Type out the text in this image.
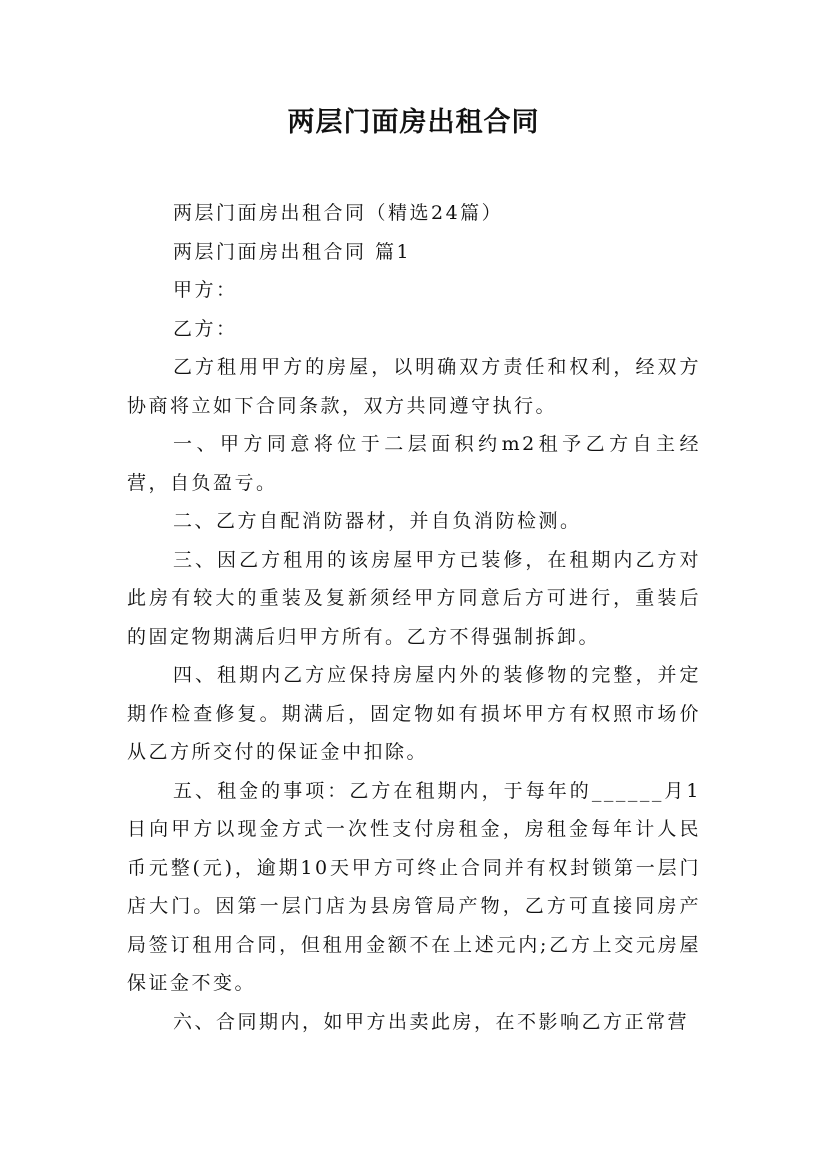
两层门面房出租合同

两层门面房出租合同（精选24篇）

两层门面房出租合同 篇1

甲方：

乙方：

乙方租用甲方的房屋，以明确双方责任和权利，经双方协商将立如下合同条款，双方共同遵守执行。

一、甲方同意将位于二层面积约m2租予乙方自主经营，自负盈亏。

二、乙方自配消防器材，并自负消防检测。

三、因乙方租用的该房屋甲方已装修，在租期内乙方对此房有较大的重装及复新须经甲方同意后方可进行，重装后的固定物期满后归甲方所有。乙方不得强制拆卸。

四、租期内乙方应保持房屋内外的装修物的完整，并定期作检查修复。期满后，固定物如有损坏甲方有权照市场价从乙方所交付的保证金中扣除。

五、租金的事项：乙方在租期内，于每年的______月1日向甲方以现金方式一次性支付房租金，房租金每年计人民币元整(元)，逾期10天甲方可终止合同并有权封锁第一层门店大门。因第一层门店为县房管局产物，乙方可直接同房产局签订租用合同，但租用金额不在上述元内;乙方上交元房屋保证金不变。

六、合同期内，如甲方出卖此房，在不影响乙方正常营
